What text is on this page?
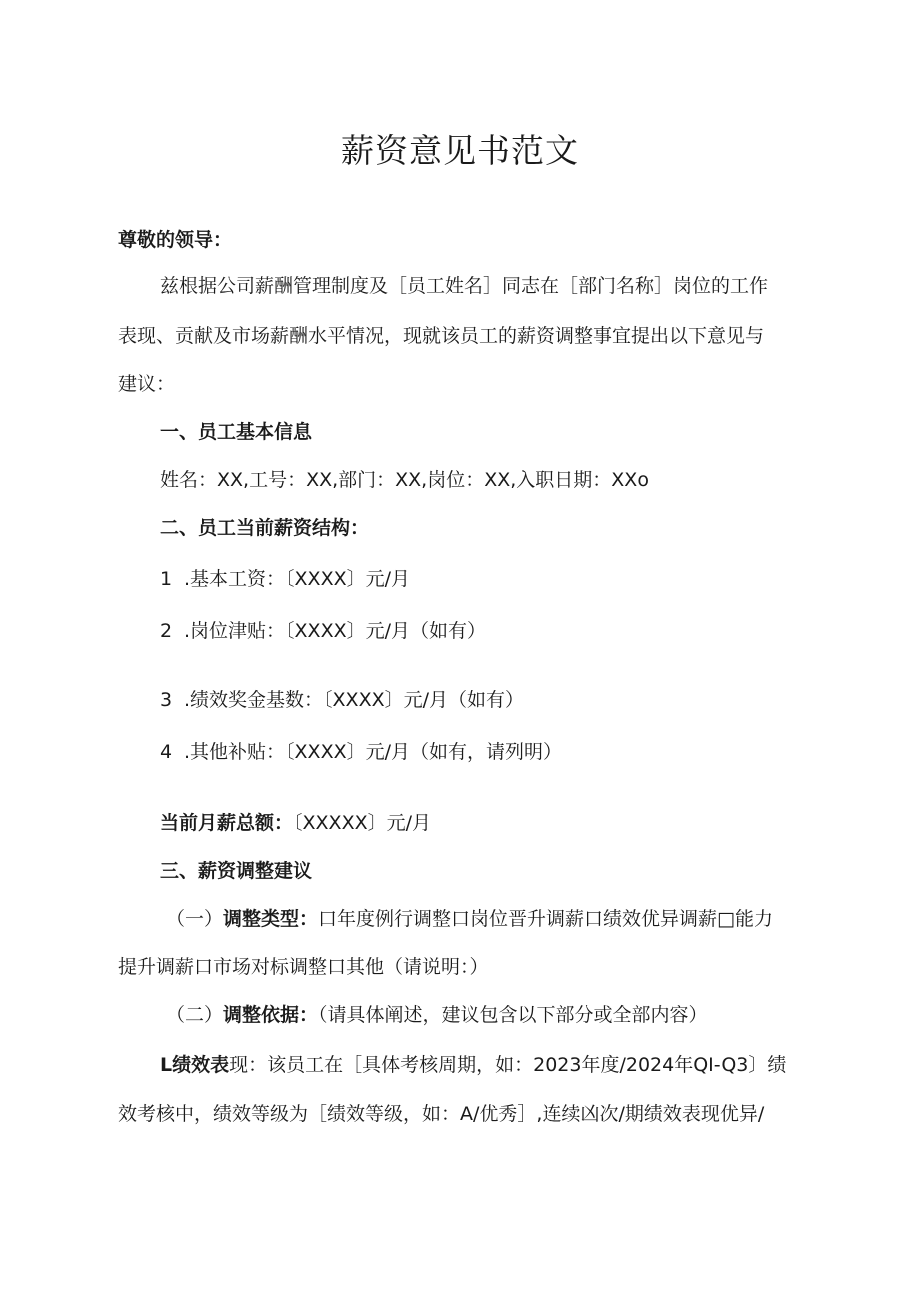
薪资意见书范文
尊敬的领导：
兹根据公司薪酬管理制度及［员工姓名］同志在［部门名称］岗位的工作
表现、贡献及市场薪酬水平情况，现就该员工的薪资调整事宜提出以下意见与
建议：
一、员工基本信息
姓名：XX,工号：XX,部门：XX,岗位：XX,入职日期：XXo
二、员工当前薪资结构：
1 .基本工资：〔XXXX〕元/月
2 .岗位津贴：〔XXXX〕元/月（如有）
3 .绩效奖金基数：〔XXXX〕元/月（如有）
4 .其他补贴：〔XXXX〕元/月（如有，请列明）
当前月薪总额：〔XXXXX〕元/月
三、薪资调整建议
（一）调整类型：口年度例行调整口岗位晋升调薪口绩效优异调薪□能力
提升调薪口市场对标调整口其他（请说明：）
（二）调整依据：（请具体阐述，建议包含以下部分或全部内容）
L绩效表现：该员工在［具体考核周期，如：2023年度/2024年QI-Q3〕绩
效考核中，绩效等级为［绩效等级，如：A/优秀］,连续凶次/期绩效表现优异/
